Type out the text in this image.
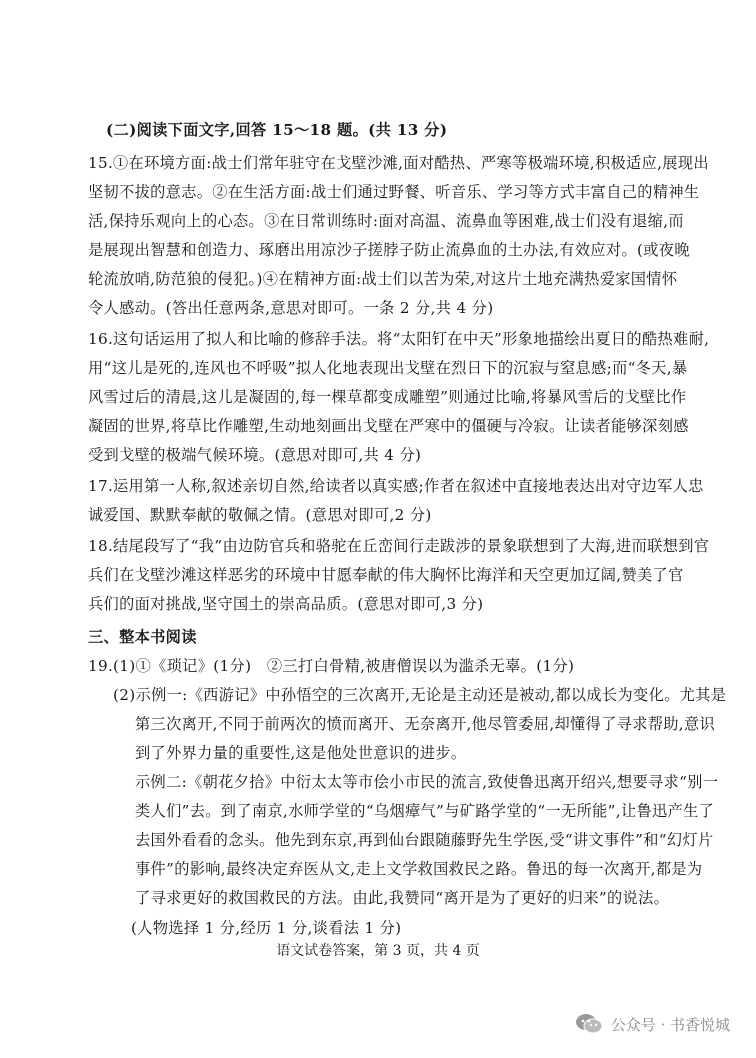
(二)阅读下面文字,回答 15～18 题。(共 13 分)
15. ①在环境方面:战士们常年驻守在戈壁沙滩,面对酷热、严寒等极端环境,积极适应,展现出
坚韧不拔的意志。②在生活方面:战士们通过野餐、听音乐、学习等方式丰富自己的精神生
活,保持乐观向上的心态。③在日常训练时:面对高温、流鼻血等困难,战士们没有退缩,而
是展现出智慧和创造力、琢磨出用凉沙子搓脖子防止流鼻血的土办法,有效应对。(或夜晚
轮流放哨,防范狼的侵犯。)④在精神方面:战士们以苦为荣,对这片土地充满热爱家国情怀
令人感动。(答出任意两条,意思对即可。一条 2 分,共 4 分)
16. 这句话运用了拟人和比喻的修辞手法。将“太阳钉在中天”形象地描绘出夏日的酷热难耐,
用“这儿是死的,连风也不呼吸”拟人化地表现出戈壁在烈日下的沉寂与窒息感;而“冬天,暴
风雪过后的清晨,这儿是凝固的,每一棵草都变成雕塑”则通过比喻,将暴风雪后的戈壁比作
凝固的世界,将草比作雕塑,生动地刻画出戈壁在严寒中的僵硬与冷寂。让读者能够深刻感
受到戈壁的极端气候环境。(意思对即可,共 4 分)
17. 运用第一人称,叙述亲切自然,给读者以真实感;作者在叙述中直接地表达出对守边军人忠
诚爱国、默默奉献的敬佩之情。(意思对即可,2 分)
18. 结尾段写了“我”由边防官兵和骆驼在丘峦间行走跋涉的景象联想到了大海,进而联想到官
兵们在戈壁沙滩这样恶劣的环境中甘愿奉献的伟大胸怀比海洋和天空更加辽阔,赞美了官
兵们的面对挑战,坚守国土的崇高品质。(意思对即可,3 分)
三、整本书阅读
19. (1)①《琐记》(1分)　②三打白骨精,被唐僧误以为滥杀无辜。(1分)
(2)示例一:《西游记》中孙悟空的三次离开,无论是主动还是被动,都以成长为变化。尤其是
第三次离开,不同于前两次的愤而离开、无奈离开,他尽管委屈,却懂得了寻求帮助,意识
到了外界力量的重要性,这是他处世意识的进步。
示例二:《朝花夕拾》中衍太太等市侩小市民的流言,致使鲁迅离开绍兴,想要寻求“别一
类人们”去。到了南京,水师学堂的“乌烟瘴气”与矿路学堂的“一无所能”,让鲁迅产生了
去国外看看的念头。他先到东京,再到仙台跟随藤野先生学医,受“讲文事件”和“幻灯片
事件”的影响,最终决定弃医从文,走上文学救国救民之路。鲁迅的每一次离开,都是为
了寻求更好的救国救民的方法。由此,我赞同“离开是为了更好的归来”的说法。
(人物选择 1 分,经历 1 分,谈看法 1 分)
语文试卷答案，第 3 页，共 4 页
公众号 · 书香悦城
